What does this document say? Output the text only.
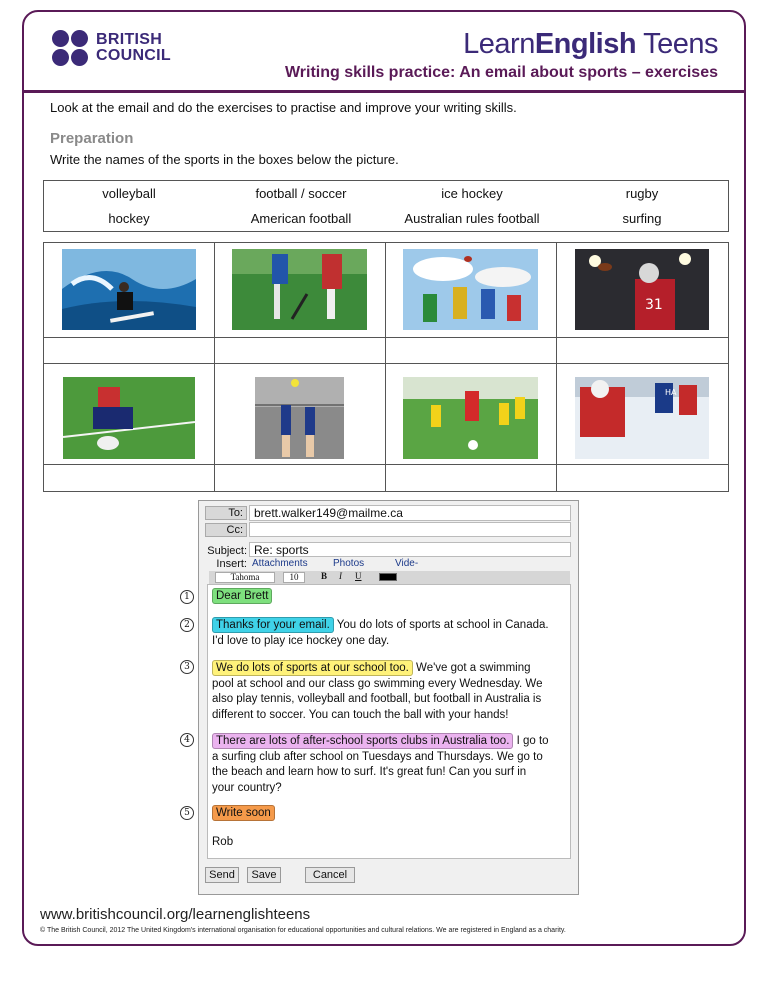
BRITISH
COUNCIL	LearnEnglish Teens
Writing skills practice: An email about sports – exercises
Look at the email and do the exercises to practise and improve your writing skills.
Preparation
Write the names of the sports in the boxes below the picture.
volleyball	football / soccer	ice hockey	rugby
hockey	American football	Australian rules football	surfing
31
HA
To: brett.walker149@mailme.ca
Cc:
Subject: Re: sports
Insert: Attachments	Photos	Vide-
Tahoma	10	B I U
Dear Brett
Thanks for your email. You do lots of sports at school in Canada.
I'd love to play ice hockey one day.
We do lots of sports at our school too. We've got a swimming
pool at school and our class go swimming every Wednesday. We
also play tennis, volleyball and football, but football in Australia is
different to soccer. You can touch the ball with your hands!
There are lots of after-school sports clubs in Australia too. I go to
a surfing club after school on Tuesdays and Thursdays. We go to
the beach and learn how to surf. It's great fun! Can you surf in
your country?
Write soon
Rob
Send	Save	Cancel
1
2
3
4
5
www.britishcouncil.org/learnenglishteens
© The British Council, 2012 The United Kingdom's international organisation for educational opportunities and cultural relations. We are registered in England as a charity.
